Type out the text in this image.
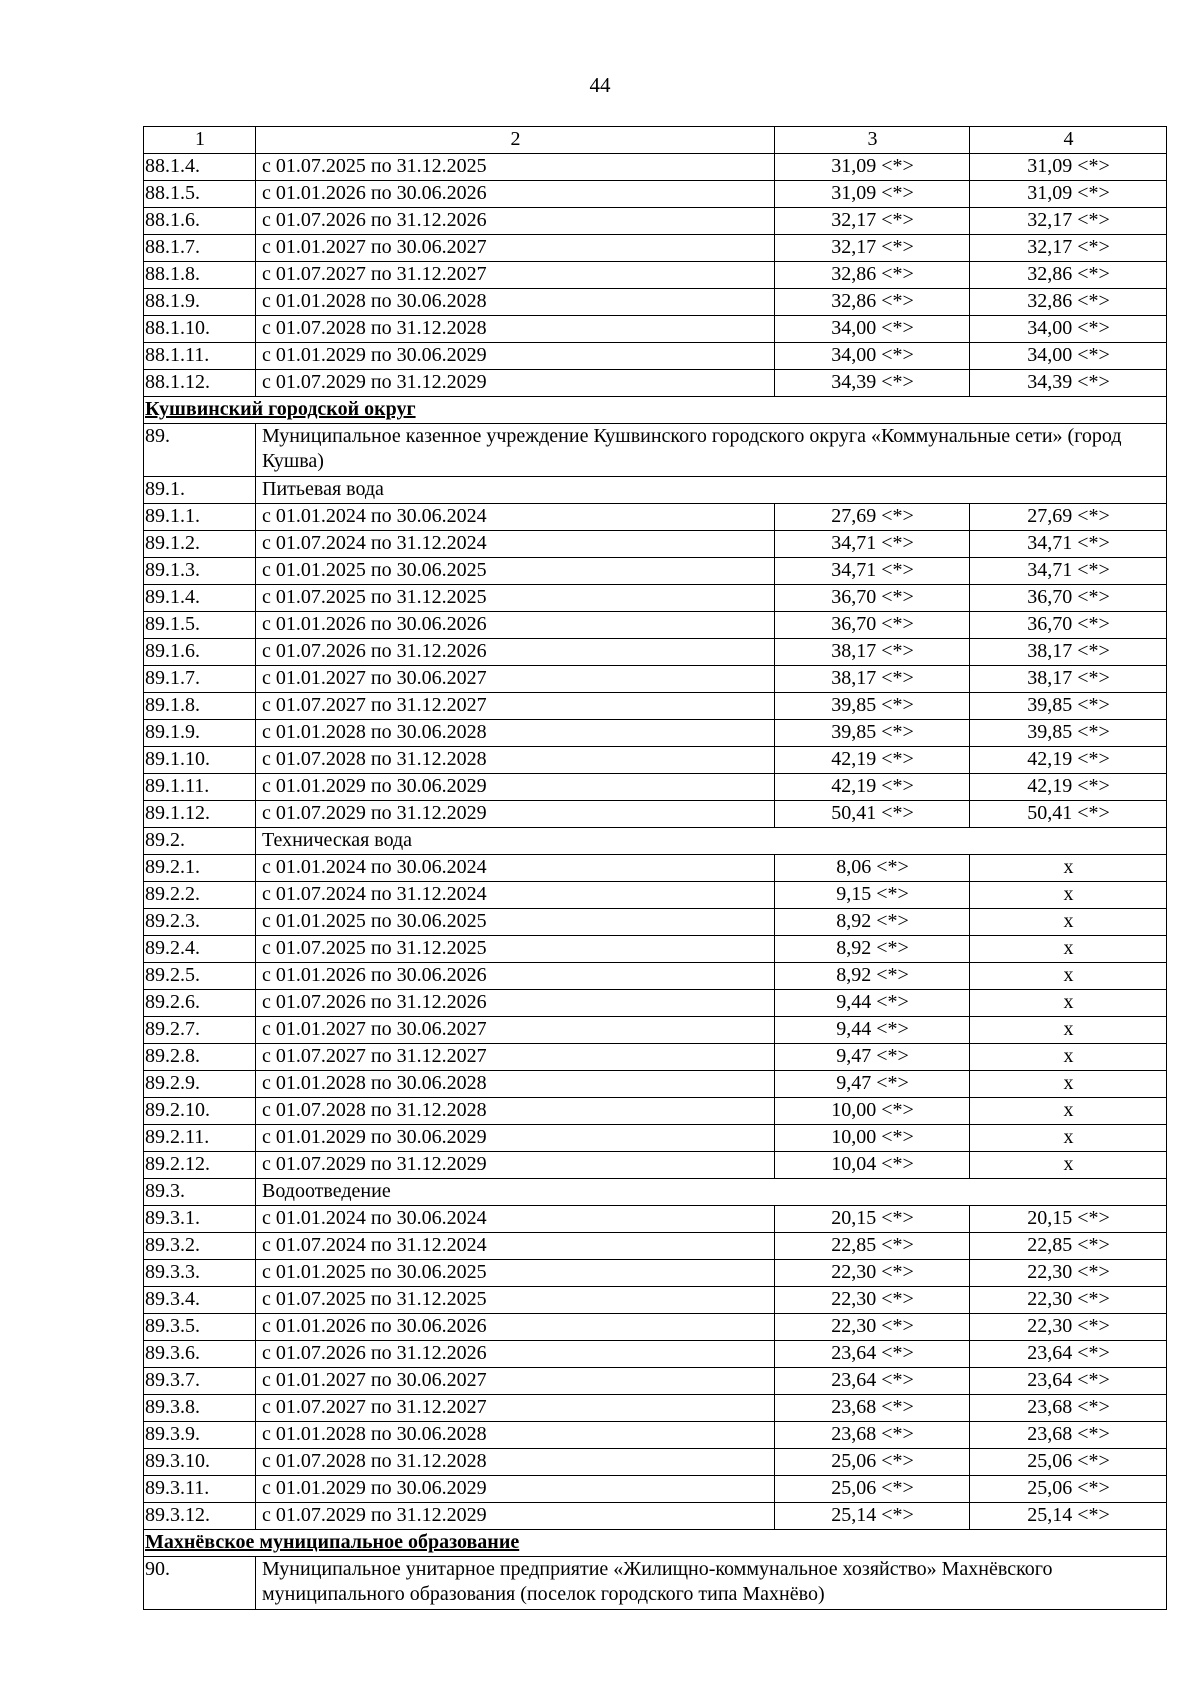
44
1	2	3	4
88.1.4.	с 01.07.2025 по 31.12.2025	31,09 <*>	31,09 <*>
88.1.5.	с 01.01.2026 по 30.06.2026	31,09 <*>	31,09 <*>
88.1.6.	с 01.07.2026 по 31.12.2026	32,17 <*>	32,17 <*>
88.1.7.	с 01.01.2027 по 30.06.2027	32,17 <*>	32,17 <*>
88.1.8.	с 01.07.2027 по 31.12.2027	32,86 <*>	32,86 <*>
88.1.9.	с 01.01.2028 по 30.06.2028	32,86 <*>	32,86 <*>
88.1.10.	с 01.07.2028 по 31.12.2028	34,00 <*>	34,00 <*>
88.1.11.	с 01.01.2029 по 30.06.2029	34,00 <*>	34,00 <*>
88.1.12.	с 01.07.2029 по 31.12.2029	34,39 <*>	34,39 <*>
Кушвинский городской округ			
89.	Муниципальное казенное учреждение Кушвинского городского округа «Коммунальные сети» (город Кушва)		
89.1.	Питьевая вода		
89.1.1.	с 01.01.2024 по 30.06.2024	27,69 <*>	27,69 <*>
89.1.2.	с 01.07.2024 по 31.12.2024	34,71 <*>	34,71 <*>
89.1.3.	с 01.01.2025 по 30.06.2025	34,71 <*>	34,71 <*>
89.1.4.	с 01.07.2025 по 31.12.2025	36,70 <*>	36,70 <*>
89.1.5.	с 01.01.2026 по 30.06.2026	36,70 <*>	36,70 <*>
89.1.6.	с 01.07.2026 по 31.12.2026	38,17 <*>	38,17 <*>
89.1.7.	с 01.01.2027 по 30.06.2027	38,17 <*>	38,17 <*>
89.1.8.	с 01.07.2027 по 31.12.2027	39,85 <*>	39,85 <*>
89.1.9.	с 01.01.2028 по 30.06.2028	39,85 <*>	39,85 <*>
89.1.10.	с 01.07.2028 по 31.12.2028	42,19 <*>	42,19 <*>
89.1.11.	с 01.01.2029 по 30.06.2029	42,19 <*>	42,19 <*>
89.1.12.	с 01.07.2029 по 31.12.2029	50,41 <*>	50,41 <*>
89.2.	Техническая вода		
89.2.1.	с 01.01.2024 по 30.06.2024	8,06 <*>	х
89.2.2.	с 01.07.2024 по 31.12.2024	9,15 <*>	х
89.2.3.	с 01.01.2025 по 30.06.2025	8,92 <*>	х
89.2.4.	с 01.07.2025 по 31.12.2025	8,92 <*>	х
89.2.5.	с 01.01.2026 по 30.06.2026	8,92 <*>	х
89.2.6.	с 01.07.2026 по 31.12.2026	9,44 <*>	х
89.2.7.	с 01.01.2027 по 30.06.2027	9,44 <*>	х
89.2.8.	с 01.07.2027 по 31.12.2027	9,47 <*>	х
89.2.9.	с 01.01.2028 по 30.06.2028	9,47 <*>	х
89.2.10.	с 01.07.2028 по 31.12.2028	10,00 <*>	х
89.2.11.	с 01.01.2029 по 30.06.2029	10,00 <*>	х
89.2.12.	с 01.07.2029 по 31.12.2029	10,04 <*>	х
89.3.	Водоотведение		
89.3.1.	с 01.01.2024 по 30.06.2024	20,15 <*>	20,15 <*>
89.3.2.	с 01.07.2024 по 31.12.2024	22,85 <*>	22,85 <*>
89.3.3.	с 01.01.2025 по 30.06.2025	22,30 <*>	22,30 <*>
89.3.4.	с 01.07.2025 по 31.12.2025	22,30 <*>	22,30 <*>
89.3.5.	с 01.01.2026 по 30.06.2026	22,30 <*>	22,30 <*>
89.3.6.	с 01.07.2026 по 31.12.2026	23,64 <*>	23,64 <*>
89.3.7.	с 01.01.2027 по 30.06.2027	23,64 <*>	23,64 <*>
89.3.8.	с 01.07.2027 по 31.12.2027	23,68 <*>	23,68 <*>
89.3.9.	с 01.01.2028 по 30.06.2028	23,68 <*>	23,68 <*>
89.3.10.	с 01.07.2028 по 31.12.2028	25,06 <*>	25,06 <*>
89.3.11.	с 01.01.2029 по 30.06.2029	25,06 <*>	25,06 <*>
89.3.12.	с 01.07.2029 по 31.12.2029	25,14 <*>	25,14 <*>
Махнёвское муниципальное образование			
90.	Муниципальное унитарное предприятие «Жилищно-коммунальное хозяйство» Махнёвского муниципального образования (поселок городского типа Махнёво)		
